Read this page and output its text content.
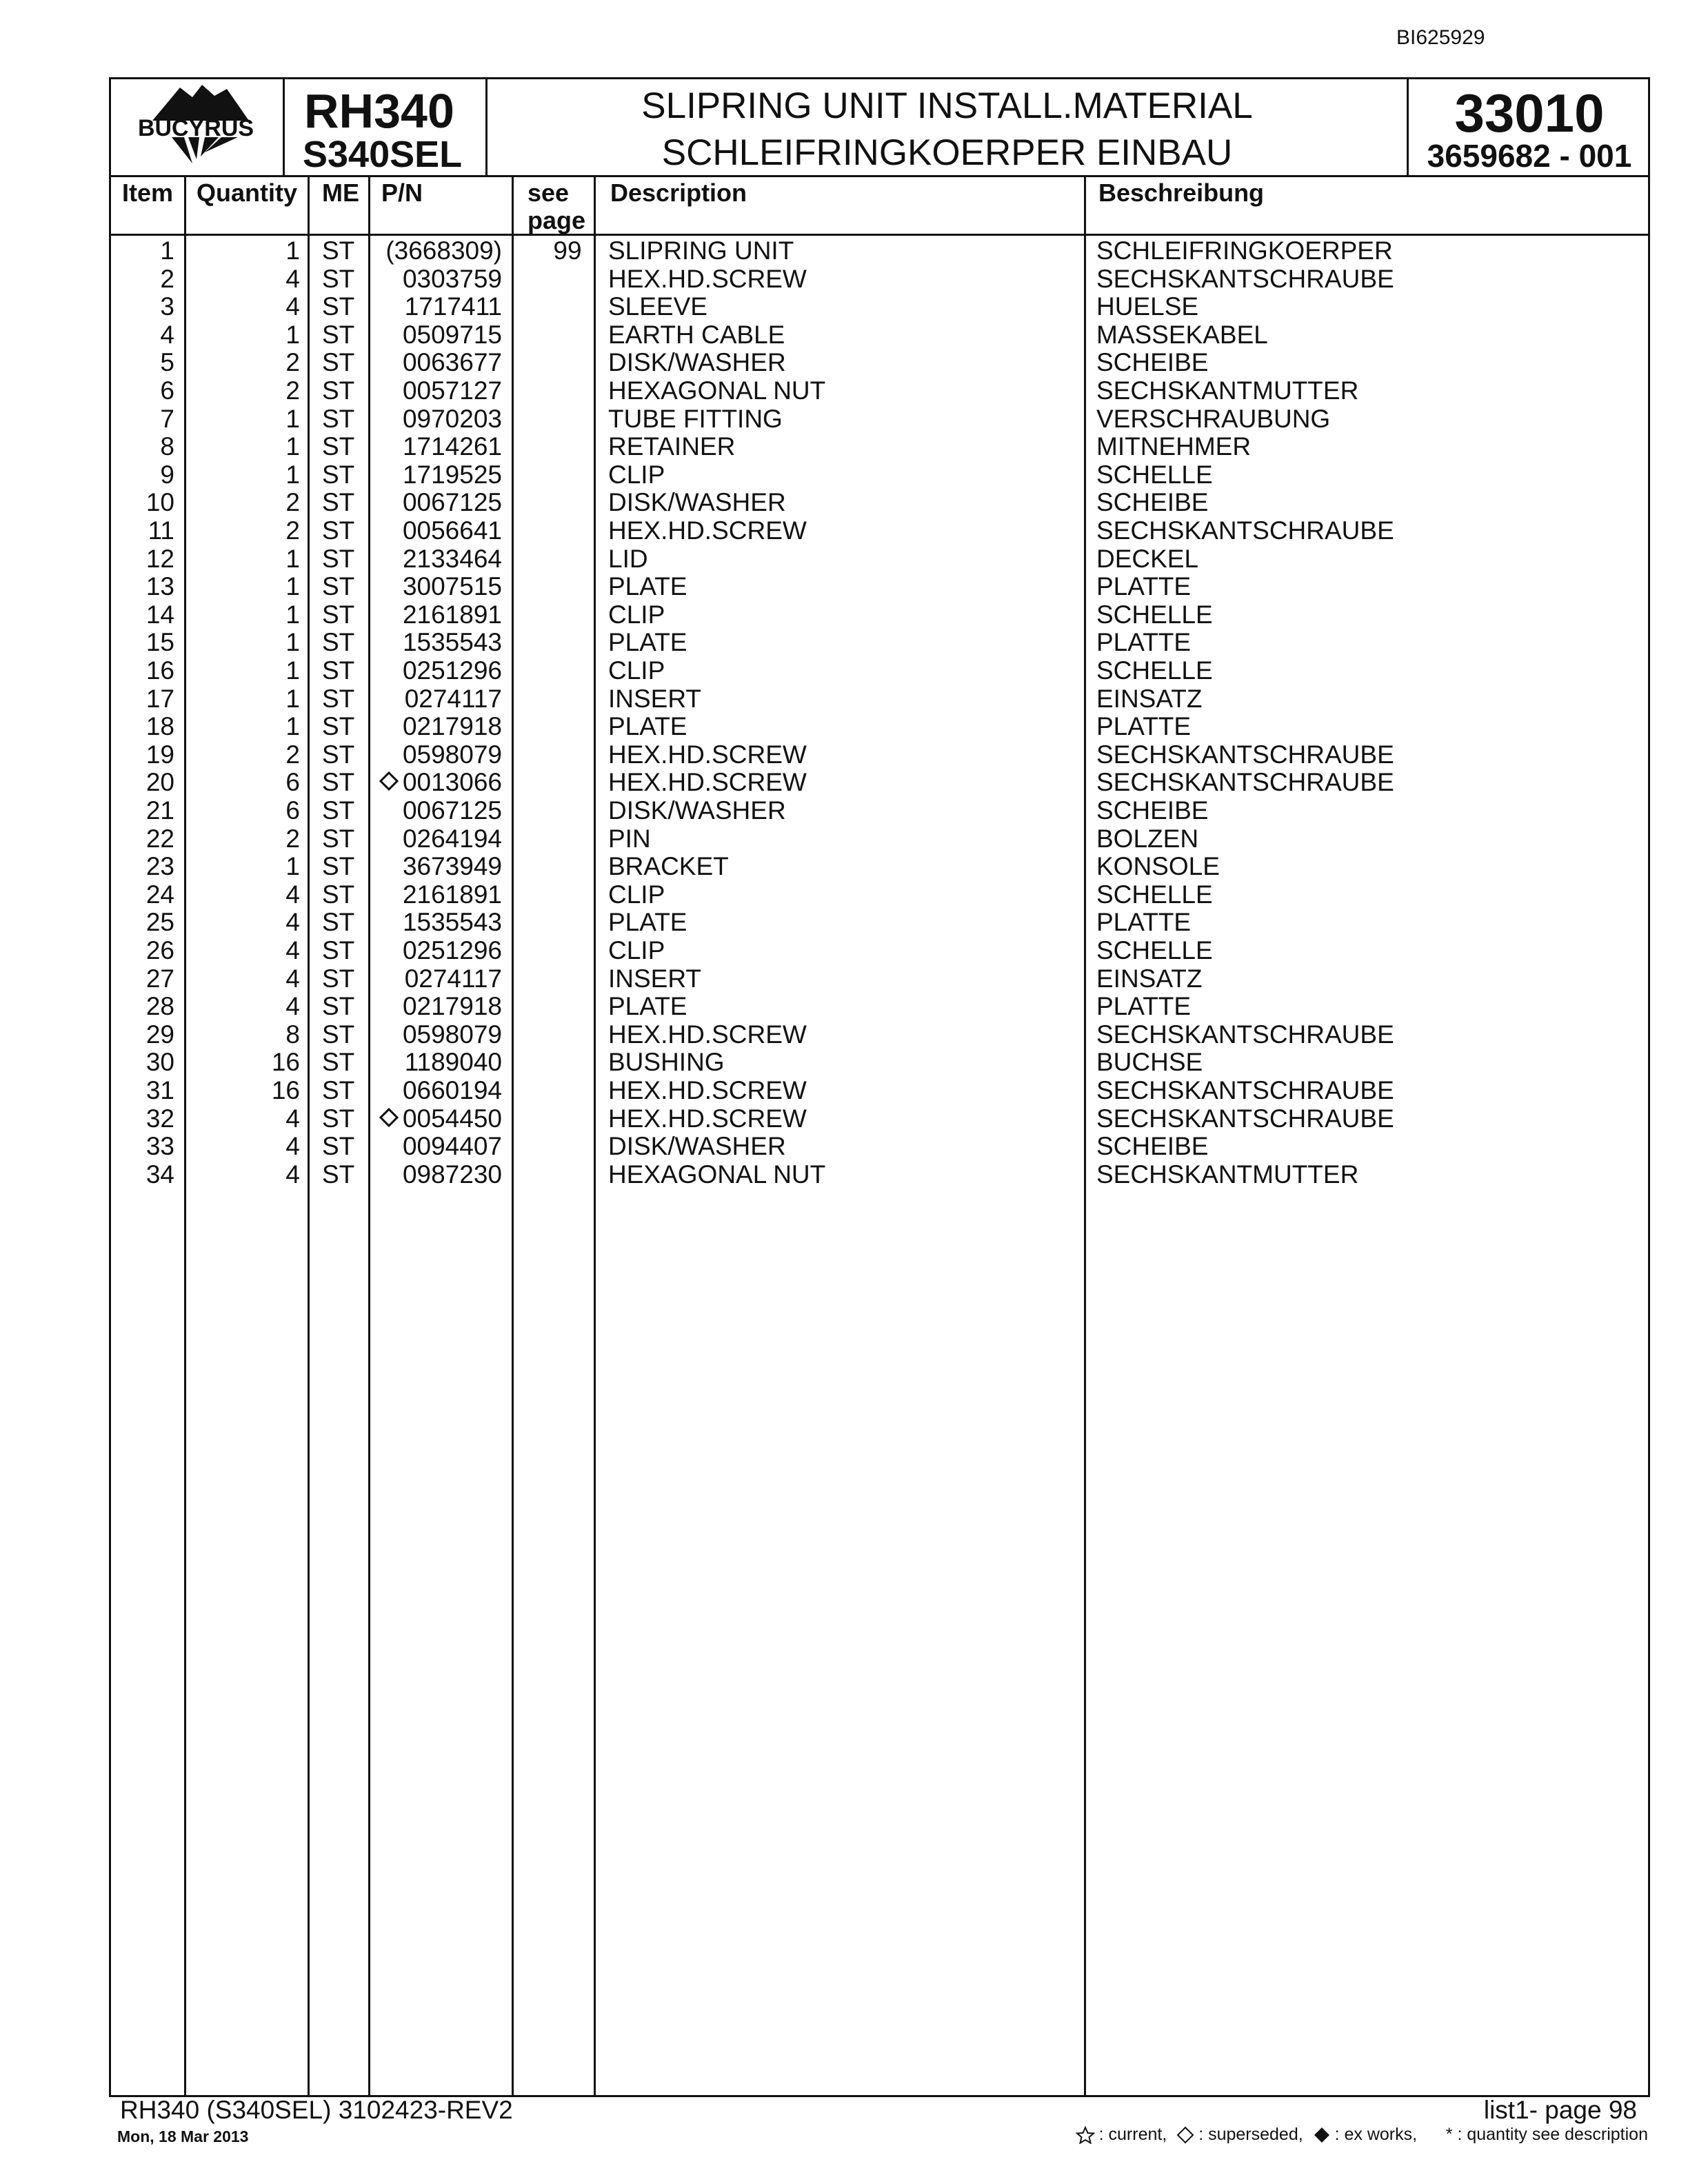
BI625929
BUCYRUS RH340
S340SEL
SLIPRING UNIT INSTALL.MATERIAL
SCHLEIFRINGKOERPER EINBAU
33010
3659682 - 001
Item Quantity ME P/N	see
page
Description	Beschreibung
1	1 ST (3668309)	99	SLIPRING UNIT	SCHLEIFRINGKOERPER
2	4 ST 0303759	HEX.HD.SCREW	SECHSKANTSCHRAUBE
3	4 ST 1717411	SLEEVE	HUELSE
4	1 ST 0509715	EARTH CABLE	MASSEKABEL
5	2 ST 0063677	DISK/WASHER	SCHEIBE
6	2 ST 0057127	HEXAGONAL NUT	SECHSKANTMUTTER
7	1 ST 0970203	TUBE FITTING	VERSCHRAUBUNG
8	1 ST 1714261	RETAINER	MITNEHMER
9	1 ST 1719525	CLIP	SCHELLE
10	2 ST 0067125	DISK/WASHER	SCHEIBE
11	2 ST 0056641	HEX.HD.SCREW	SECHSKANTSCHRAUBE
12	1 ST 2133464	LID	DECKEL
13	1 ST 3007515	PLATE	PLATTE
14	1 ST 2161891	CLIP	SCHELLE
15	1 ST 1535543	PLATE	PLATTE
16	1 ST 0251296	CLIP	SCHELLE
17	1 ST 0274117	INSERT	EINSATZ
18	1 ST 0217918	PLATE	PLATTE
19	2 ST 0598079	HEX.HD.SCREW	SECHSKANTSCHRAUBE
20	6 ST	0013066	HEX.HD.SCREW	SECHSKANTSCHRAUBE
21	6 ST 0067125	DISK/WASHER	SCHEIBE
22	2 ST 0264194	PIN	BOLZEN
23	1 ST 3673949	BRACKET	KONSOLE
24	4 ST 2161891	CLIP	SCHELLE
25	4 ST 1535543	PLATE	PLATTE
26	4 ST 0251296	CLIP	SCHELLE
27	4 ST 0274117	INSERT	EINSATZ
28	4 ST 0217918	PLATE	PLATTE
29	8 ST 0598079	HEX.HD.SCREW	SECHSKANTSCHRAUBE
30	16 ST 1189040	BUSHING	BUCHSE
31	16 ST 0660194	HEX.HD.SCREW	SECHSKANTSCHRAUBE
32	4 ST	0054450	HEX.HD.SCREW	SECHSKANTSCHRAUBE
33	4 ST 0094407	DISK/WASHER	SCHEIBE
34	4 ST 0987230	HEXAGONAL NUT	SECHSKANTMUTTER
RH340 (S340SEL) 3102423-REV2
Mon, 18 Mar 2013
list1- page 98
: current,
: superseded,
: ex works,
* : quantity see description
